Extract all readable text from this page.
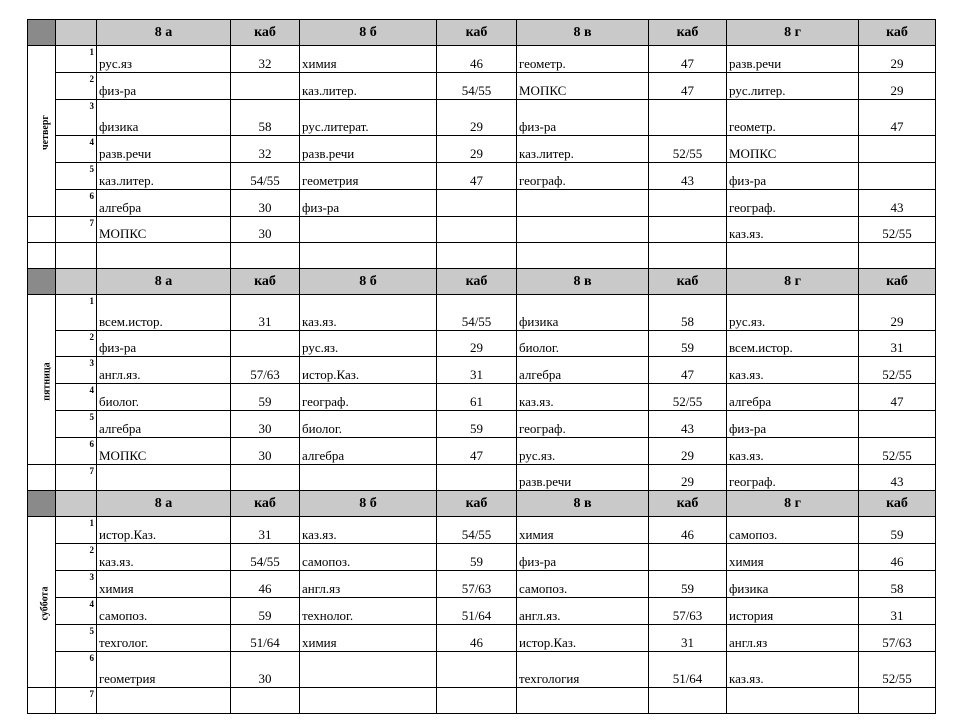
		8 а	каб	8 б	каб	8 в	каб	8 г	каб
четверг	1	рус.яз	32	химия	46	геометр.	47	разв.речи	29
	2	физ-ра		каз.литер.	54/55	МОПКС	47	рус.литер.	29
	3	физика	58	рус.литерат.	29	физ-ра		геометр.	47
	4	разв.речи	32	разв.речи	29	каз.литер.	52/55	МОПКС	
	5	каз.литер.	54/55	геометрия	47	географ.	43	физ-ра	
	6	алгебра	30	физ-ра				географ.	43
	7	МОПКС	30					каз.яз.	52/55

		8 а	каб	8 б	каб	8 в	каб	8 г	каб
пятница	1	всем.истор.	31	каз.яз.	54/55	физика	58	рус.яз.	29
	2	физ-ра		рус.яз.	29	биолог.	59	всем.истор.	31
	3	англ.яз.	57/63	истор.Каз.	31	алгебра	47	каз.яз.	52/55
	4	биолог.	59	географ.	61	каз.яз.	52/55	алгебра	47
	5	алгебра	30	биолог.	59	географ.	43	физ-ра	
	6	МОПКС	30	алгебра	47	рус.яз.	29	каз.яз.	52/55
	7					разв.речи	29	географ.	43
		8 а	каб	8 б	каб	8 в	каб	8 г	каб
суббота	1	истор.Каз.	31	каз.яз.	54/55	химия	46	самопоз.	59
	2	каз.яз.	54/55	самопоз.	59	физ-ра		химия	46
	3	химия	46	англ.яз	57/63	самопоз.	59	физика	58
	4	самопоз.	59	технолог.	51/64	англ.яз.	57/63	история	31
	5	техголог.	51/64	химия	46	истор.Каз.	31	англ.яз	57/63
	6	геометрия	30			техгология	51/64	каз.яз.	52/55
	7								
